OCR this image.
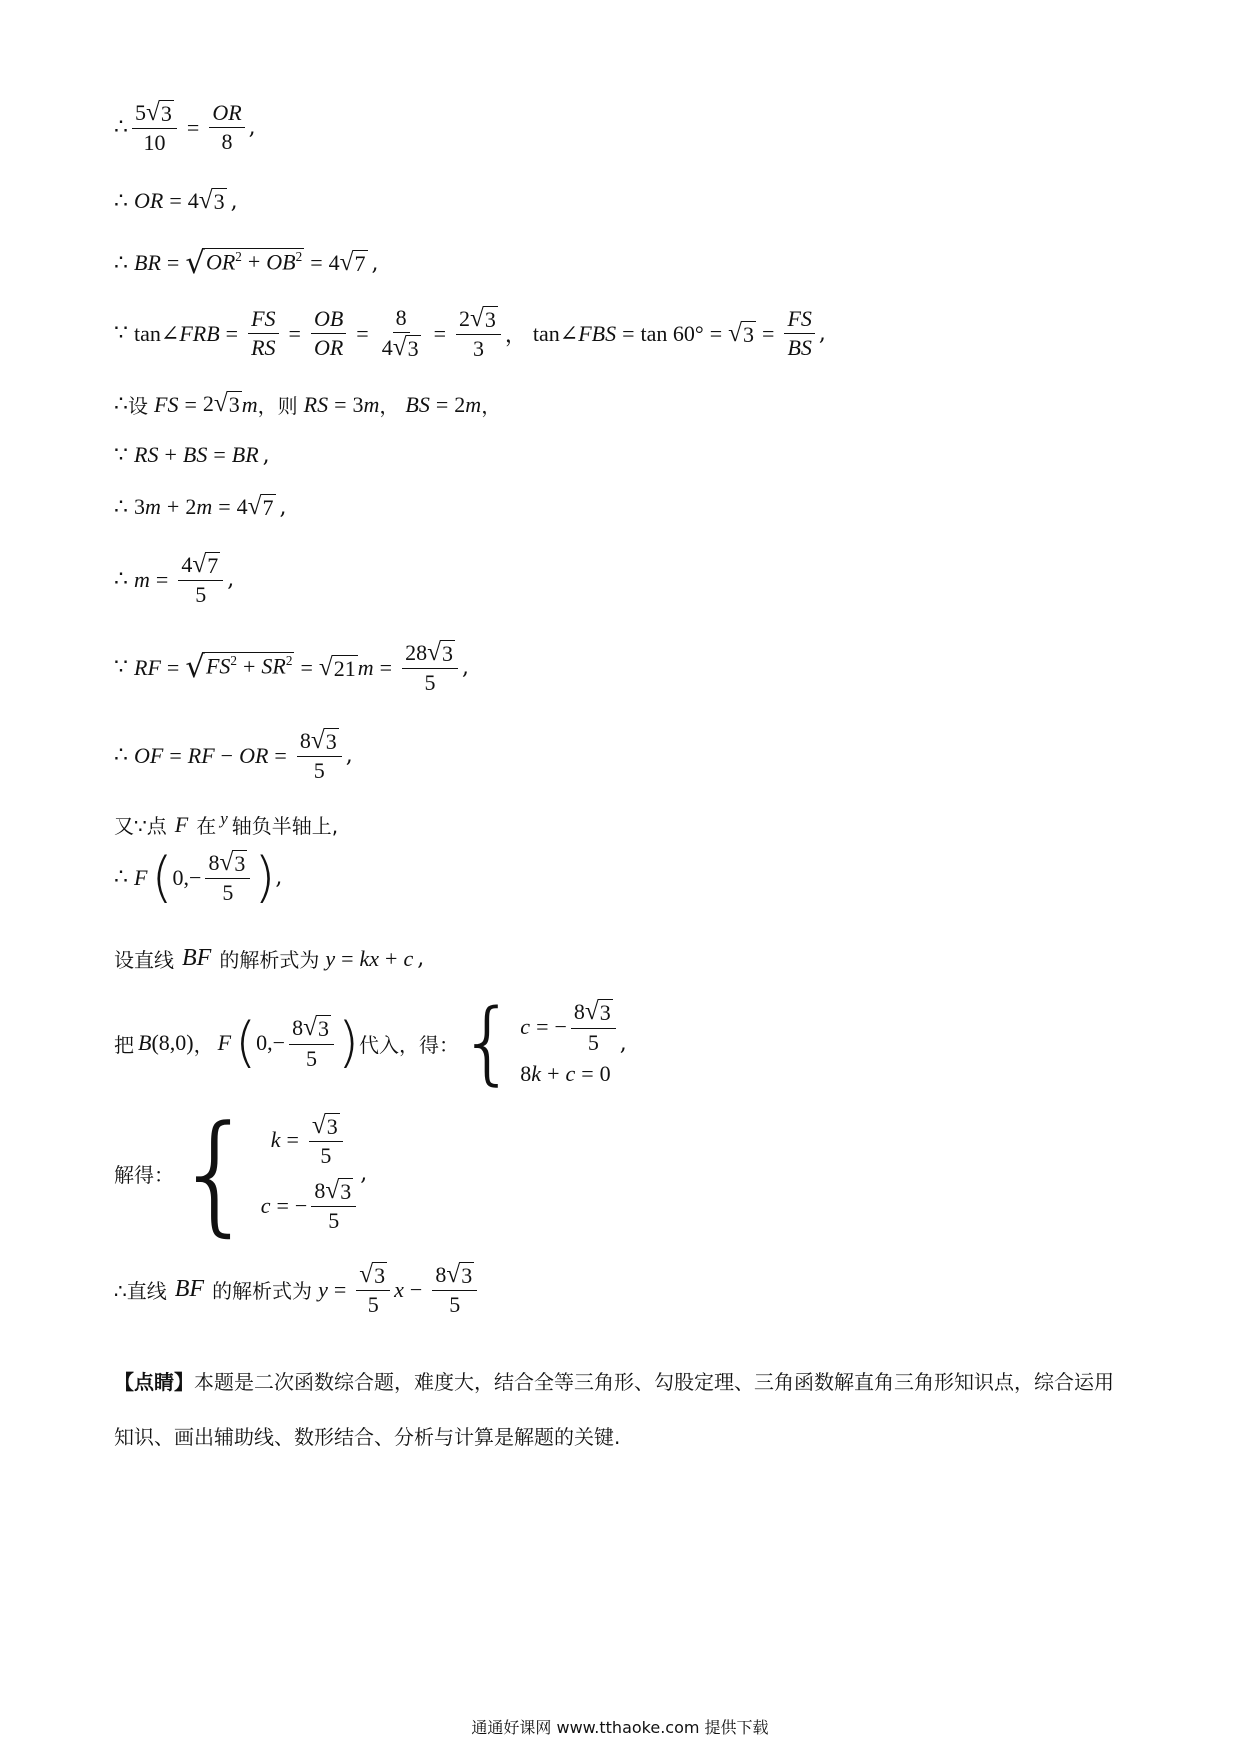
∴ $\frac{5 √ 3}{10} = \frac{OR}{8}$ ,
∴ OR = 4 √ 3 ,
∴ BR = √ $OR^2 + OB^2 = 4$ √ 7 ,
∵ tan∠ FRB = $\frac{FS}{RS} = \frac{OB}{OR} = \frac{8}{4 √ 3} = \frac{2 √ 3}{3}$ ， tan∠ FBS = tan 60° = √ $3 = \frac{FS}{BS}$ ,
∴ 设 FS = 2 √ 3 m ， 则 RS = 3 m ， BS = 2 m ，
∵ RS + BS = BR ,
∴ 3 m + 2 m = 4 √ 7 ,
∴ $m = \frac{4 √ 7}{5}$ ,
∵ RF = √ $FS^2 + SR^2$ = √ 21 $m = \frac{28 √ 3}{5}$ ,
∴ OF = RF − OR = $\frac{8 √ 3}{5}$ ,
又∵点 F 在 y 轴负半轴上,
∴ F ( $0,- \frac{8 √ 3}{5}$ ) ,
设直线 BF 的解析式为 y = kx + c ,
把 B (8,0) ， F ( $0,- \frac{8 √ 3}{5}$ ) 代入，得： { c = − $\frac{8 √ 3}{5}$
8k + c = 0
,
解得： { $k = \frac{√ 3}{5}$
c = − $\frac{8 √ 3}{5}$
,
∴直线 BF 的解析式为 $y = \frac{√ 3}{5}$ $x - \frac{8 √ 3}{5}$
【点睛】本题是二次函数综合题，难度大，结合全等三角形、勾股定理、三角函数解直角三角形知识点，综合运用知识、画出辅助线、数形结合、分析与计算是解题的关键.
通通好课网 www.tthaoke.com 提供下载
